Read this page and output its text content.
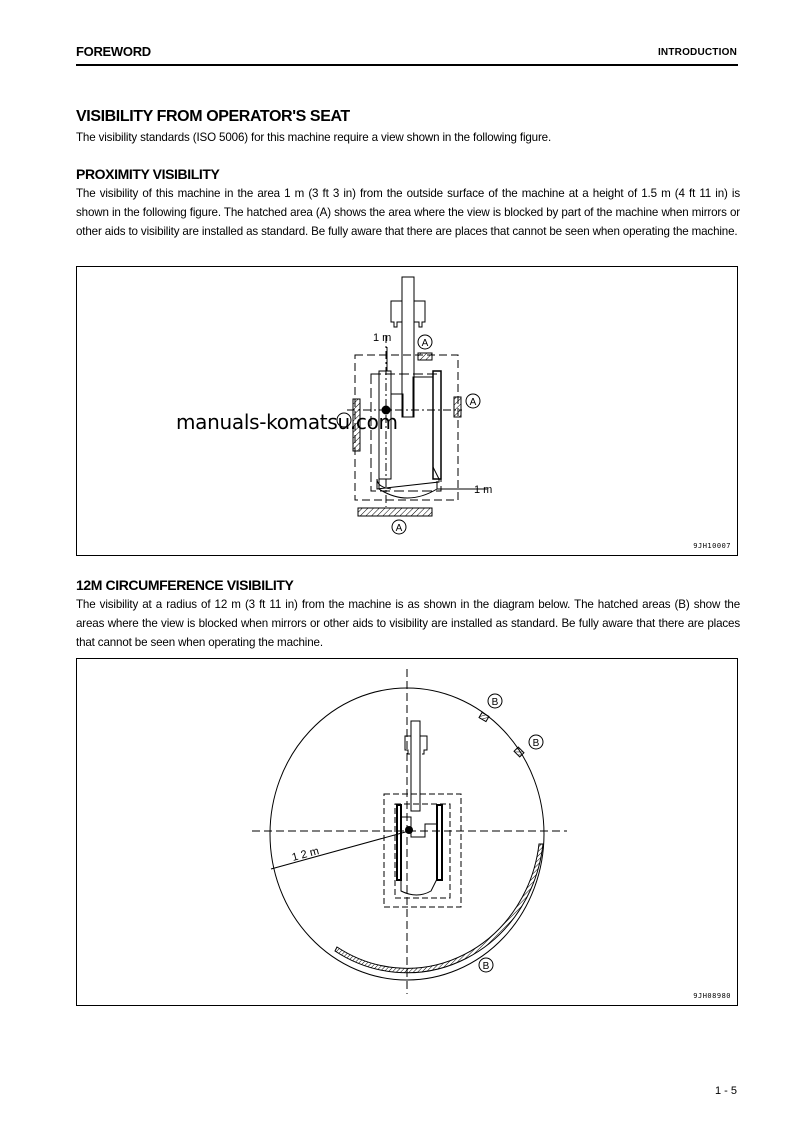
FOREWORD	INTRODUCTION
VISIBILITY FROM OPERATOR'S SEAT

The visibility standards (ISO 5006) for this machine require a view shown in the following figure.

PROXIMITY VISIBILITY

The visibility of this machine in the area 1 m (3 ft 3 in) from the outside surface of the machine at a height of 1.5 m (4 ft 11 in) is shown in the following figure. The hatched area (A) shows the area where the view is blocked by part of the machine when mirrors or other aids to visibility are installed as standard. Be fully aware that there are places that cannot be seen when operating the machine.

1 m
1 m
A
A
A
9JH10007
manuals-komatsu.com
12M CIRCUMFERENCE VISIBILITY

The visibility at a radius of 12 m (3 ft 11 in) from the machine is as shown in the diagram below. The hatched areas (B) show the areas where the view is blocked when mirrors or other aids to visibility are installed as standard. Be fully aware that there are places that cannot be seen when operating the machine.

1 2 m
B
B
B
9JH08980
1 - 5
